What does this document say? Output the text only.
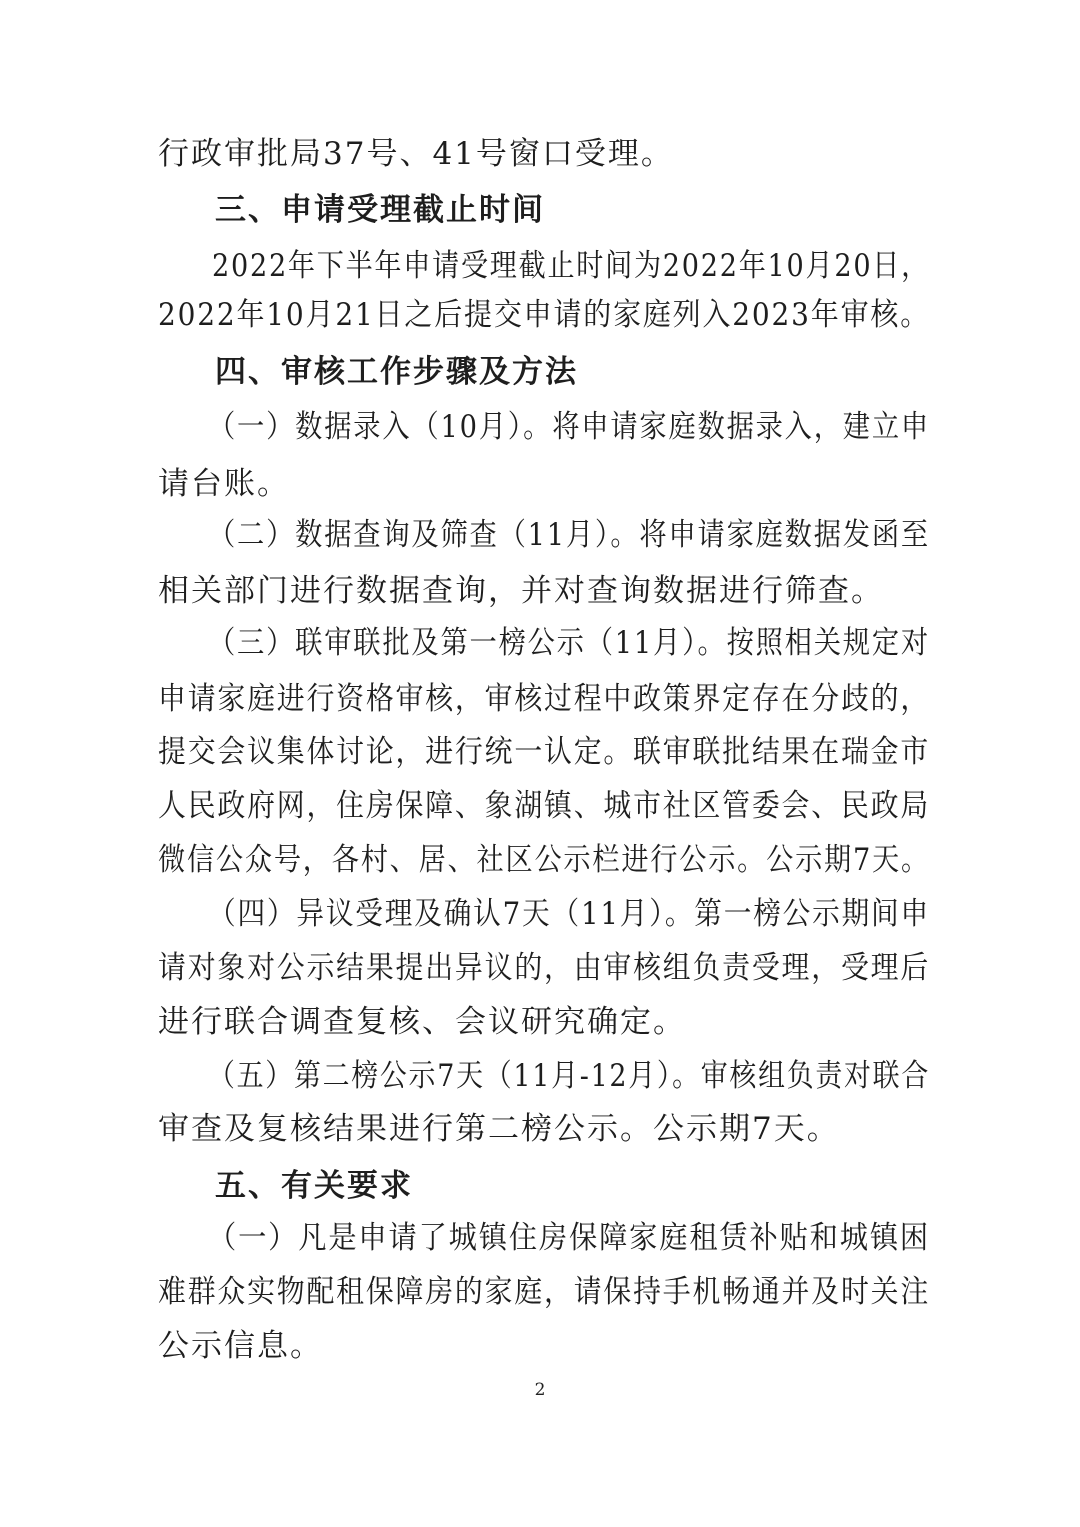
行政审批局37号、41号窗口受理。
三、申请受理截止时间
2022年下半年申请受理截止时间为2022年10月20日，
2022年10月21日之后提交申请的家庭列入2023年审核。
四、审核工作步骤及方法
（一）数据录入（10月）。将申请家庭数据录入，建立申
请台账。
（二）数据查询及筛查（11月）。将申请家庭数据发函至
相关部门进行数据查询，并对查询数据进行筛查。
（三）联审联批及第一榜公示（11月）。按照相关规定对
申请家庭进行资格审核，审核过程中政策界定存在分歧的，
提交会议集体讨论，进行统一认定。联审联批结果在瑞金市
人民政府网，住房保障、象湖镇、城市社区管委会、民政局
微信公众号，各村、居、社区公示栏进行公示。公示期7天。
（四）异议受理及确认7天（11月）。第一榜公示期间申
请对象对公示结果提出异议的，由审核组负责受理，受理后
进行联合调查复核、会议研究确定。
（五）第二榜公示7天（11月-12月）。审核组负责对联合
审查及复核结果进行第二榜公示。公示期7天。
五、有关要求
（一）凡是申请了城镇住房保障家庭租赁补贴和城镇困
难群众实物配租保障房的家庭，请保持手机畅通并及时关注
公示信息。
2
